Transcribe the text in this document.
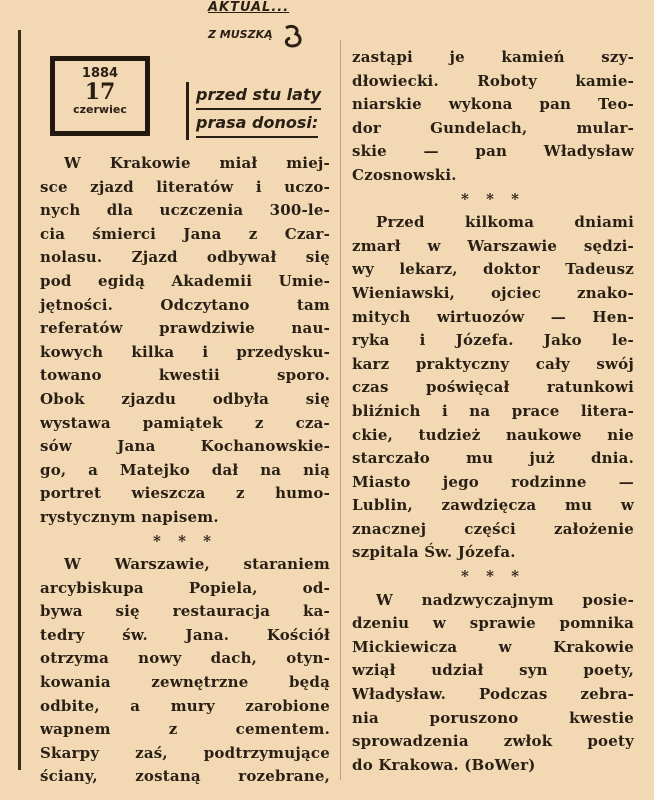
AKTUAL...
Z MUSZKĄ
1884
17
czerwiec
przed stu laty
prasa donosi:

W Krakowie miał miej-

sce zjazd literatów i uczo-

nych dla uczczenia 300-le-

cia śmierci Jana z Czar-

nolasu. Zjazd odbywał się

pod egidą Akademii Umie-

jętności. Odczytano tam

referatów prawdziwie nau-

kowych kilka i przedysku-

towano kwestii sporo.

Obok zjazdu odbyła się

wystawa pamiątek z cza-

sów Jana Kochanowskie-

go, a Matejko dał na nią

portret wieszcza z humo-

rystycznym napisem.

* * *

W Warszawie, staraniem

arcybiskupa Popiela, od-

bywa się restauracja ka-

tedry św. Jana. Kościół

otrzyma nowy dach, otyn-

kowania zewnętrzne będą

odbite, a mury zarobione

wapnem z cementem.

Skarpy zaś, podtrzymujące

ściany, zostaną rozebrane,

zastąpi je kamień szy-

dłowiecki. Roboty kamie-

niarskie wykona pan Teo-

dor Gundelach, mular-

skie — pan Władysław

Czosnowski.

* * *

Przed kilkoma dniami

zmarł w Warszawie sędzi-

wy lekarz, doktor Tadeusz

Wieniawski, ojciec znako-

mitych wirtuozów — Hen-

ryka i Józefa. Jako le-

karz praktyczny cały swój

czas poświęcał ratunkowi

bliźnich i na prace litera-

ckie, tudzież naukowe nie

starczało mu już dnia.

Miasto jego rodzinne —

Lublin, zawdzięcza mu w

znacznej części założenie

szpitala Św. Józefa.

* * *

W nadzwyczajnym posie-

dzeniu w sprawie pomnika

Mickiewicza w Krakowie

wziął udział syn poety,

Władysław. Podczas zebra-

nia poruszono kwestie

sprowadzenia zwłok poety

do Krakowa. (BoWer)
